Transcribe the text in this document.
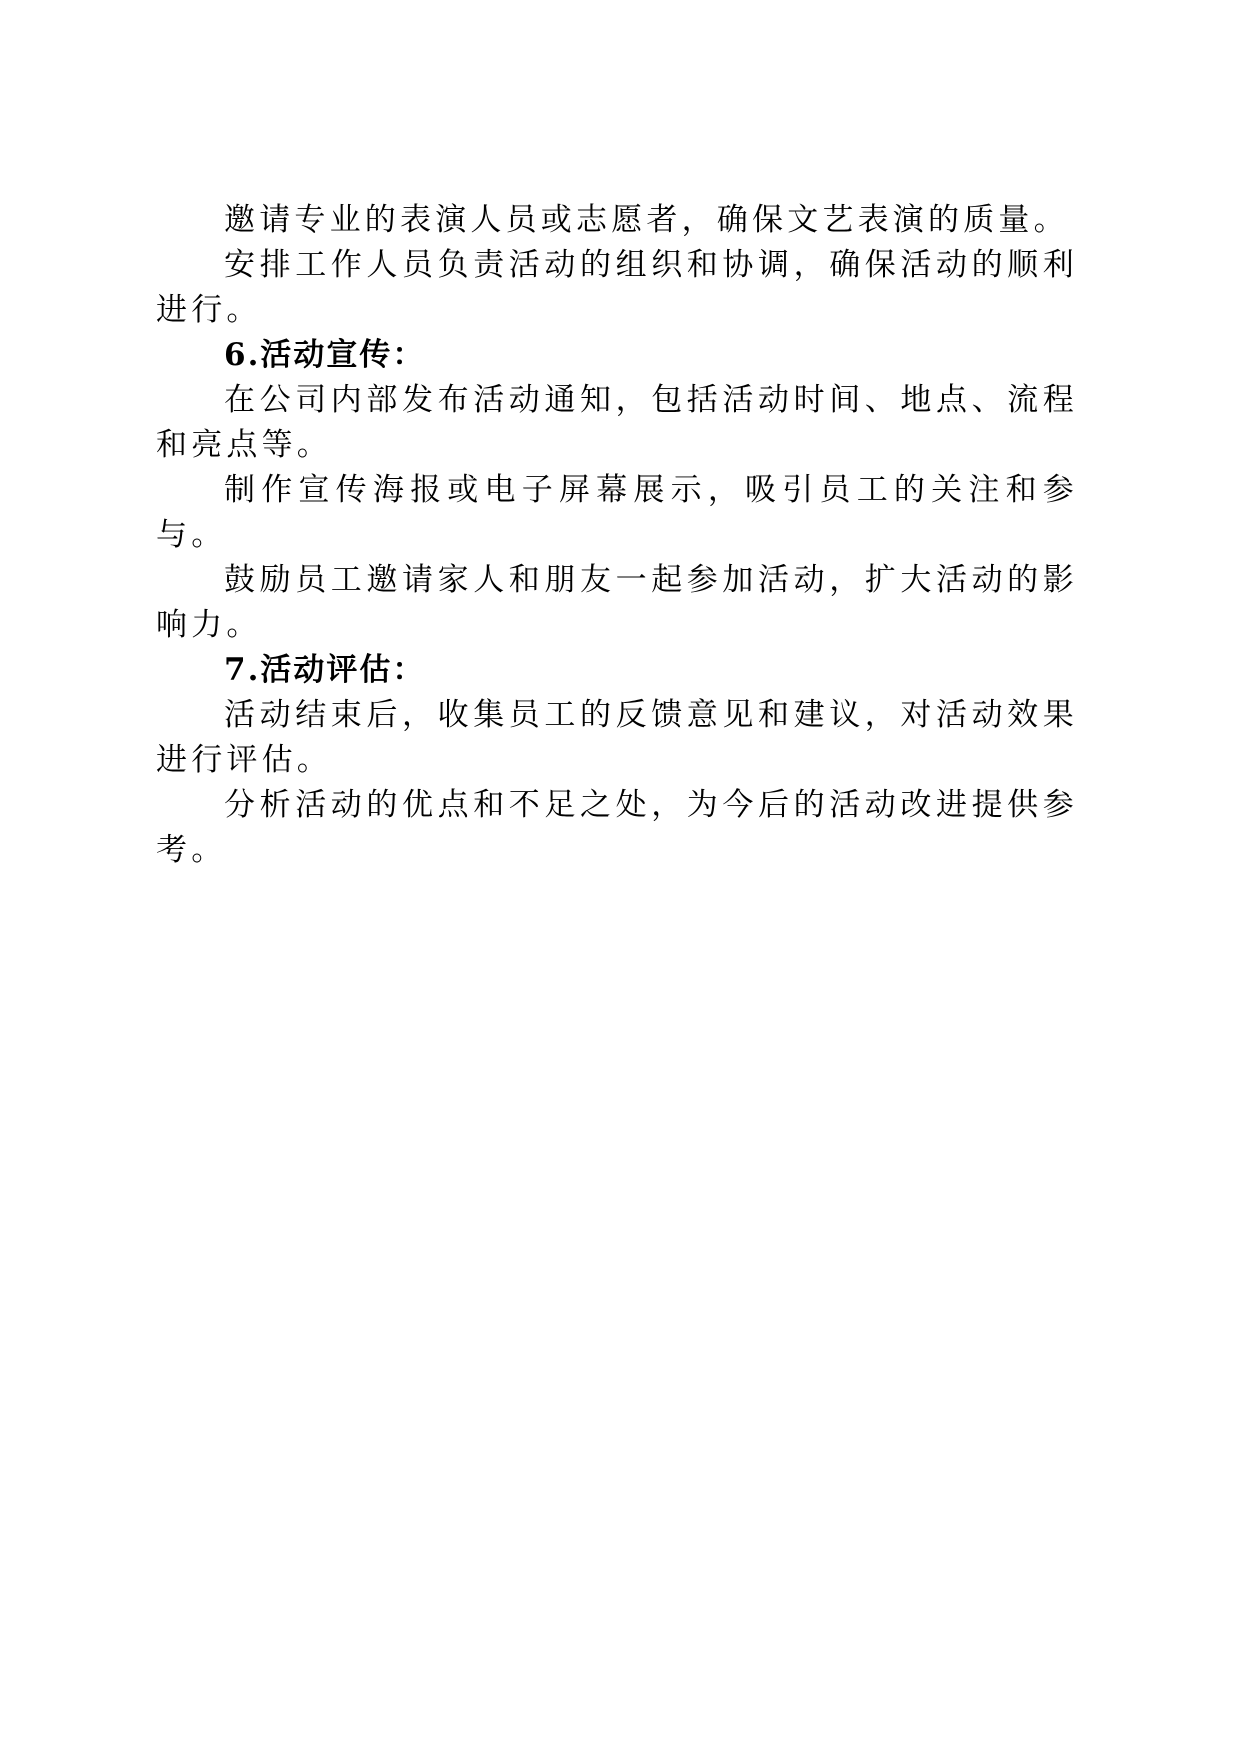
邀请专业的表演人员或志愿者，确保文艺表演的质量。

安排工作人员负责活动的组织和协调，确保活动的顺利进行。

6.活动宣传：

在公司内部发布活动通知，包括活动时间、地点、流程和亮点等。

制作宣传海报或电子屏幕展示，吸引员工的关注和参与。

鼓励员工邀请家人和朋友一起参加活动，扩大活动的影响力。

7.活动评估：

活动结束后，收集员工的反馈意见和建议，对活动效果进行评估。

分析活动的优点和不足之处，为今后的活动改进提供参考。
